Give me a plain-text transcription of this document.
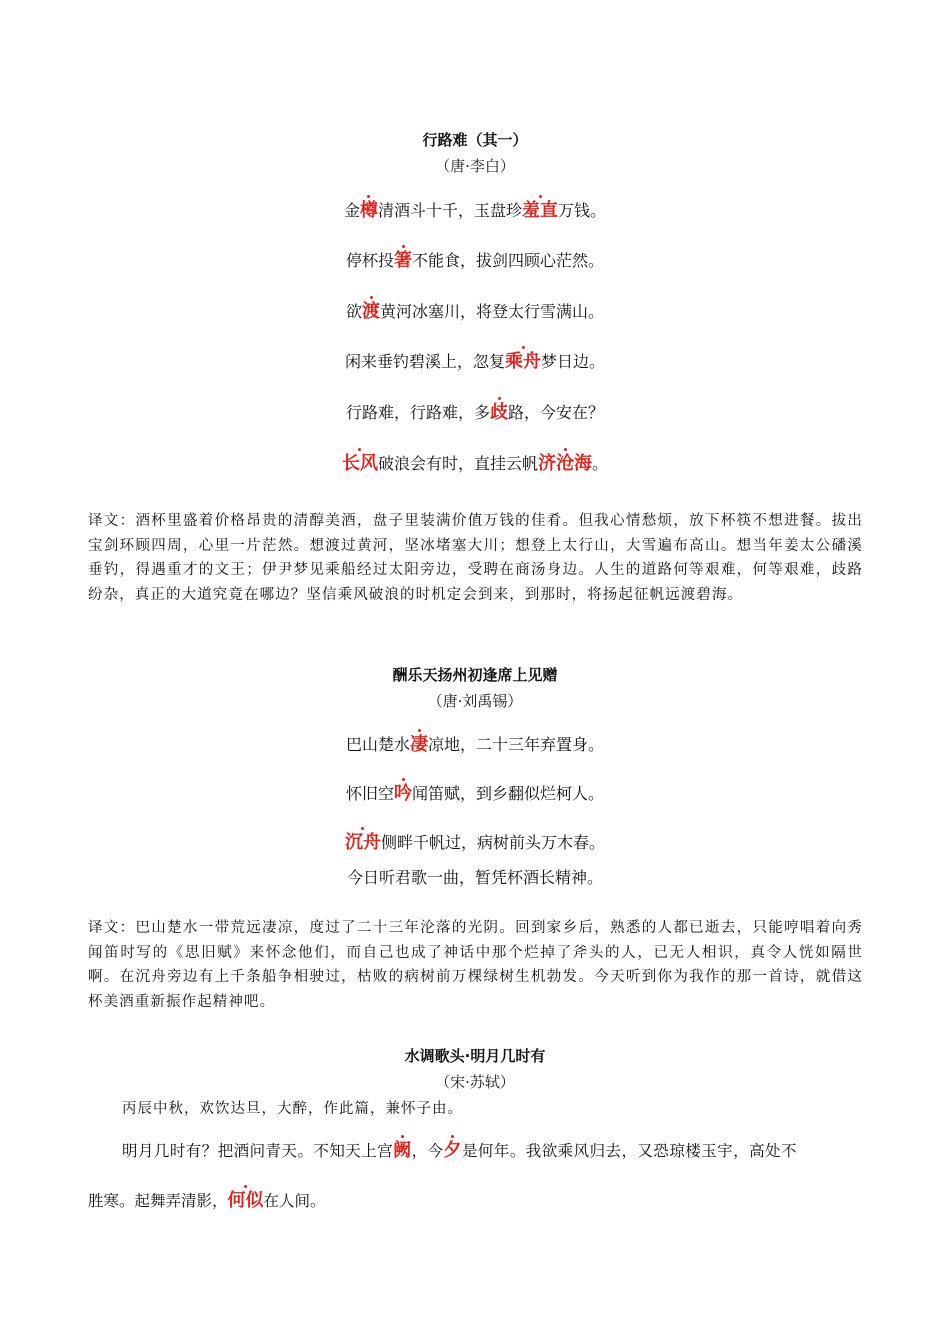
行路难（其一）
（唐·李白）
金樽清酒斗十千，玉盘珍羞直万钱。
停杯投箸不能食，拔剑四顾心茫然。
欲渡黄河冰塞川，将登太行雪满山。
闲来垂钓碧溪上，忽复乘舟梦日边。
行路难，行路难，多歧路，今安在？
长风破浪会有时，直挂云帆济沧海。
译文：酒杯里盛着价格昂贵的清醇美酒，盘子里装满价值万钱的佳肴。但我心情愁烦，放下杯筷不想进餐。拔出宝剑环顾四周，心里一片茫然。想渡过黄河，坚冰堵塞大川；想登上太行山，大雪遍布高山。想当年姜太公磻溪垂钓，得遇重才的文王；伊尹梦见乘船经过太阳旁边，受聘在商汤身边。人生的道路何等艰难，何等艰难，歧路纷杂，真正的大道究竟在哪边？坚信乘风破浪的时机定会到来，到那时，将扬起征帆远渡碧海。
酬乐天扬州初逢席上见赠
（唐·刘禹锡）
巴山楚水凄凉地，二十三年弃置身。
怀旧空吟闻笛赋，到乡翻似烂柯人。
沉舟侧畔千帆过，病树前头万木春。
今日听君歌一曲，暂凭杯酒长精神。
译文：巴山楚水一带荒远凄凉，度过了二十三年沦落的光阴。回到家乡后，熟悉的人都已逝去，只能哼唱着向秀闻笛时写的《思旧赋》来怀念他们，而自己也成了神话中那个烂掉了斧头的人，已无人相识，真令人恍如隔世啊。在沉舟旁边有上千条船争相驶过，枯败的病树前万棵绿树生机勃发。今天听到你为我作的那一首诗，就借这杯美酒重新振作起精神吧。
水调歌头·明月几时有
（宋·苏轼）
丙辰中秋，欢饮达旦，大醉，作此篇，兼怀子由。
明月几时有？把酒问青天。不知天上宫阙，今夕是何年。我欲乘风归去，又恐琼楼玉宇，高处不
胜寒。起舞弄清影，何似在人间。
